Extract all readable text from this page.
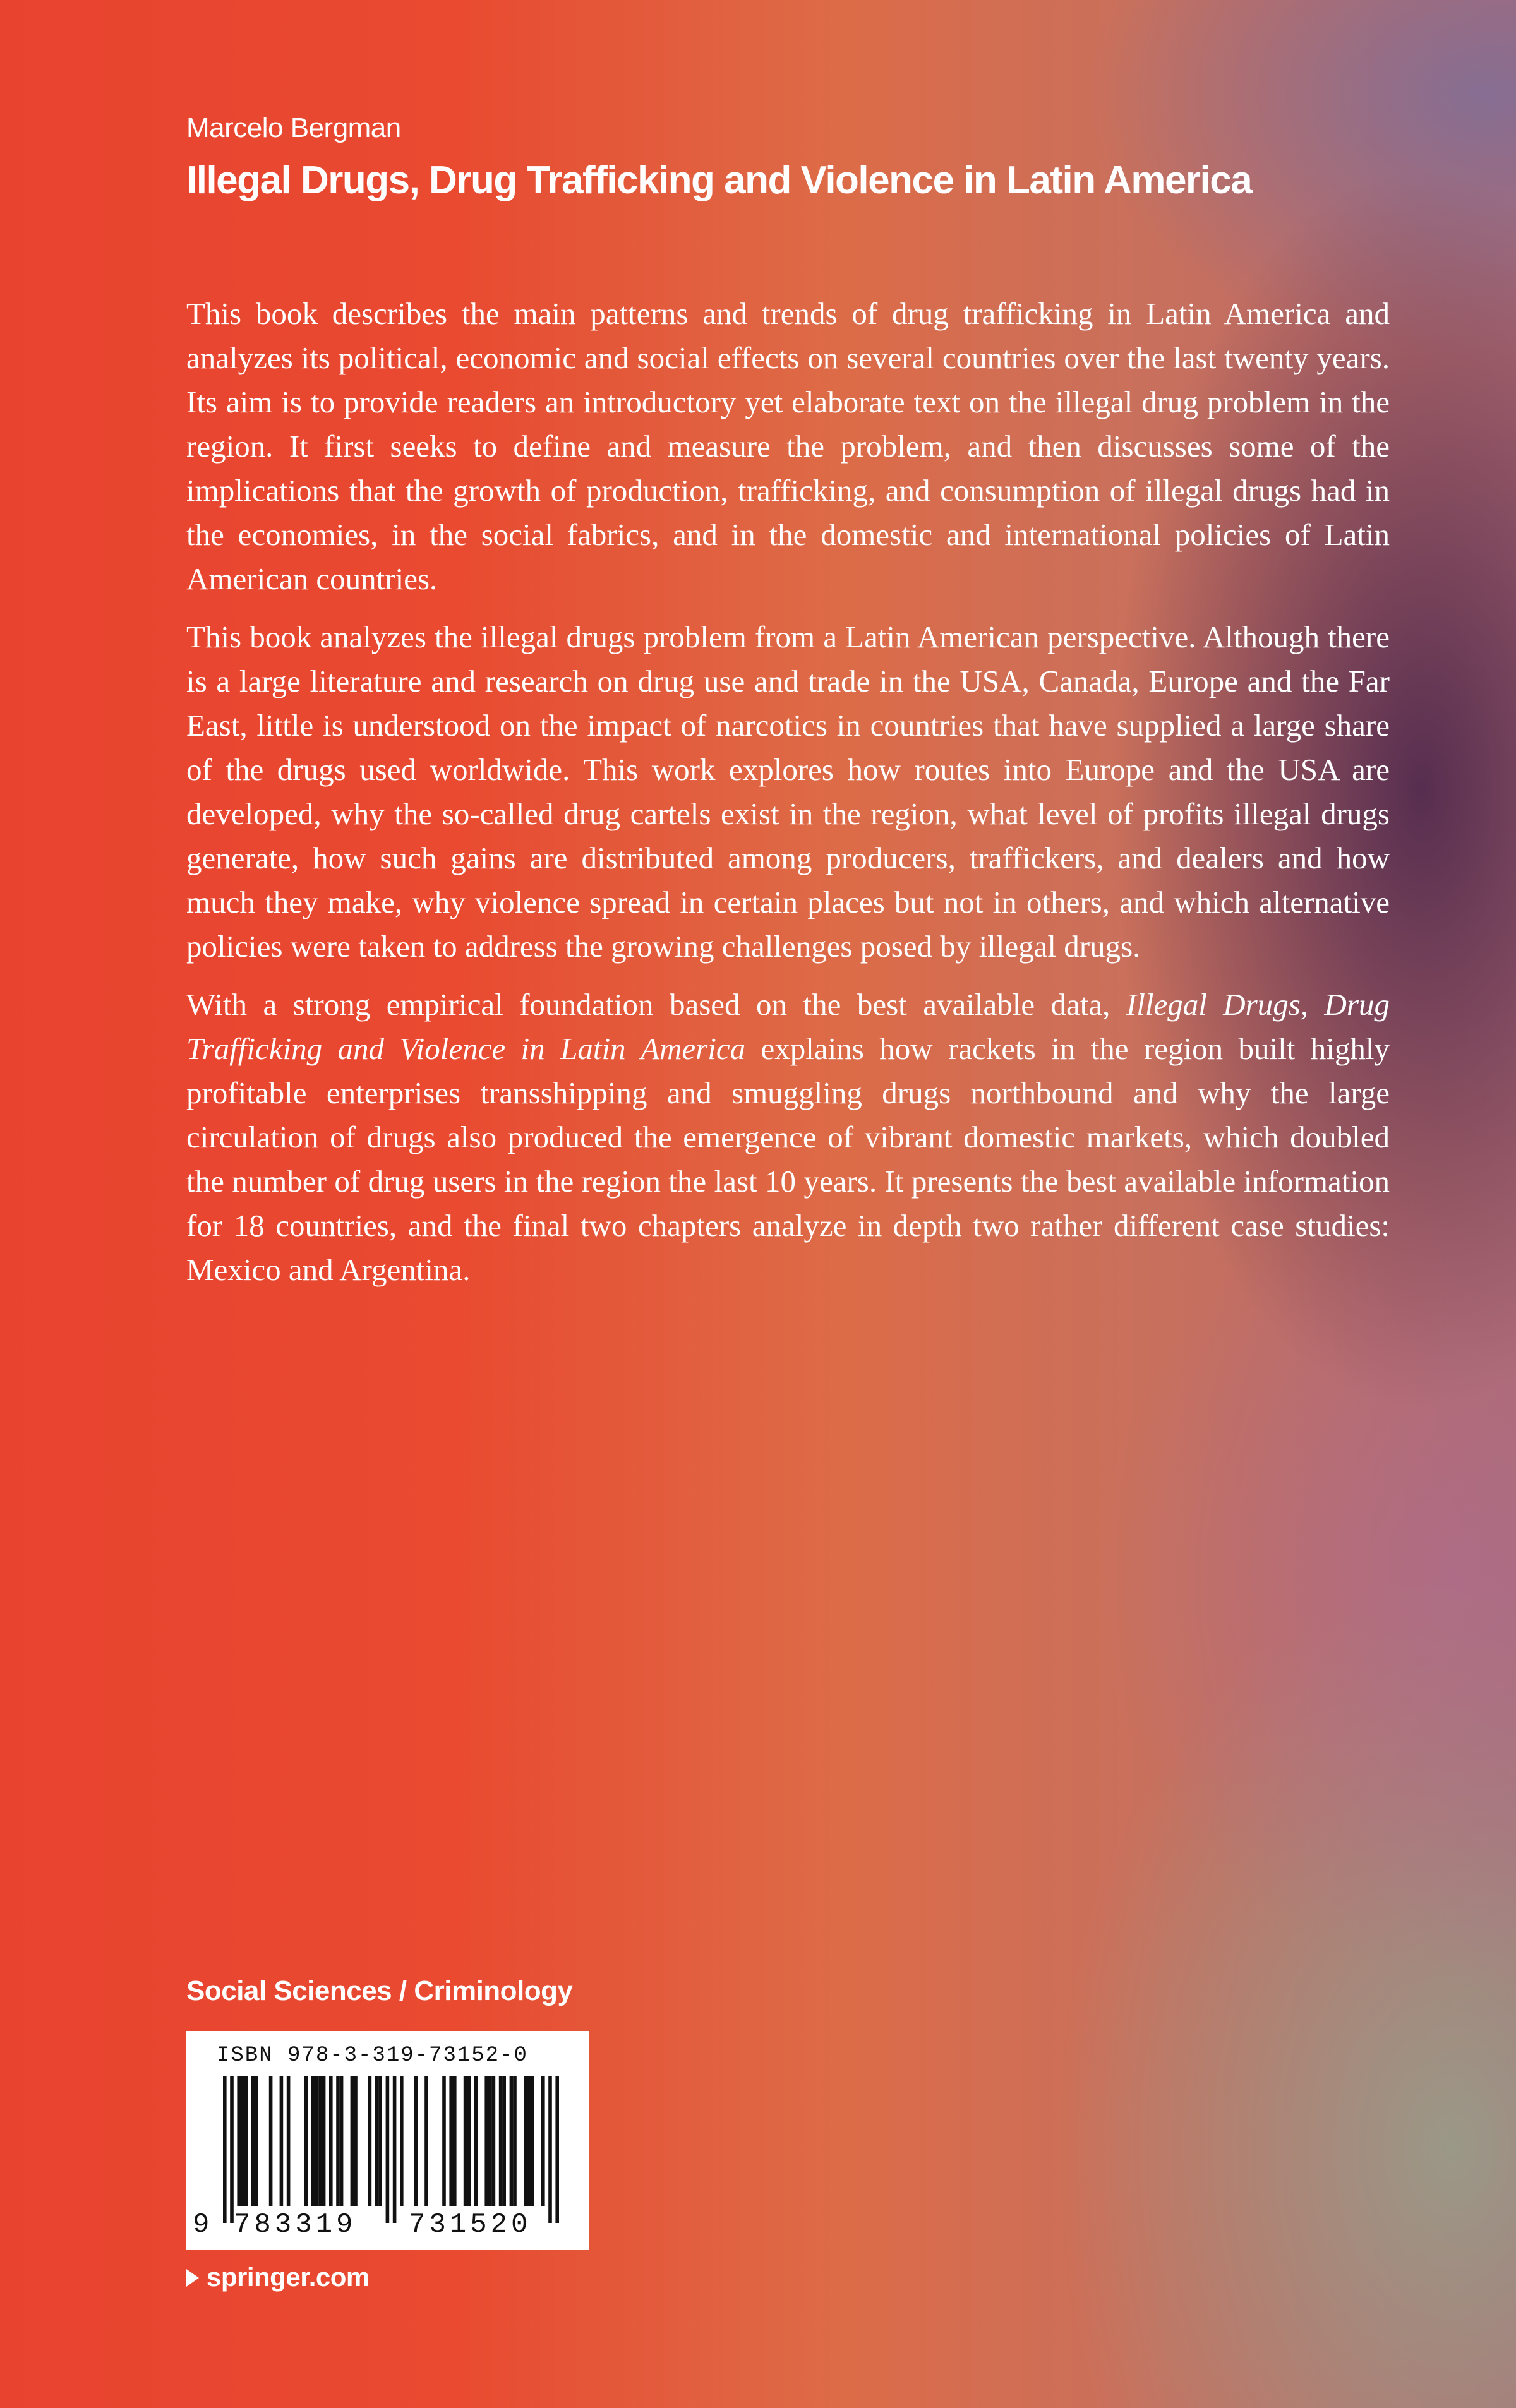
Marcelo Bergman
Illegal Drugs, Drug Trafficking and Violence in Latin America

This book describes the main patterns and trends of drug trafficking in Latin America and analyzes its political, economic and social effects on several countries over the last twenty years. Its aim is to provide readers an introductory yet elaborate text on the illegal drug problem in the region. It first seeks to define and measure the problem, and then discusses some of the implications that the growth of production, trafficking, and consumption of illegal drugs had in the economies, in the social fabrics, and in the domestic and international policies of Latin American countries.

This book analyzes the illegal drugs problem from a Latin American perspective. Although there is a large literature and research on drug use and trade in the USA, Canada, Europe and the Far East, little is understood on the impact of narcotics in countries that have supplied a large share of the drugs used worldwide. This work explores how routes into Europe and the USA are developed, why the so-called drug cartels exist in the region, what level of profits illegal drugs generate, how such gains are distributed among producers, traffickers, and dealers and how much they make, why violence spread in certain places but not in others, and which alternative policies were taken to address the growing challenges posed by illegal drugs.

With a strong empirical foundation based on the best available data, Illegal Drugs, Drug Trafficking and Violence in Latin America explains how rackets in the region built highly profitable enterprises transshipping and smuggling drugs northbound and why the large circulation of drugs also produced the emergence of vibrant domestic markets, which doubled the number of drug users in the region the last 10 years. It presents the best available information for 18 countries, and the final two chapters analyze in depth two rather different case studies: Mexico and Argentina.

Social Sciences / Criminology
ISBN 978-3-319-73152-0
9 783319 731520
springer.com
